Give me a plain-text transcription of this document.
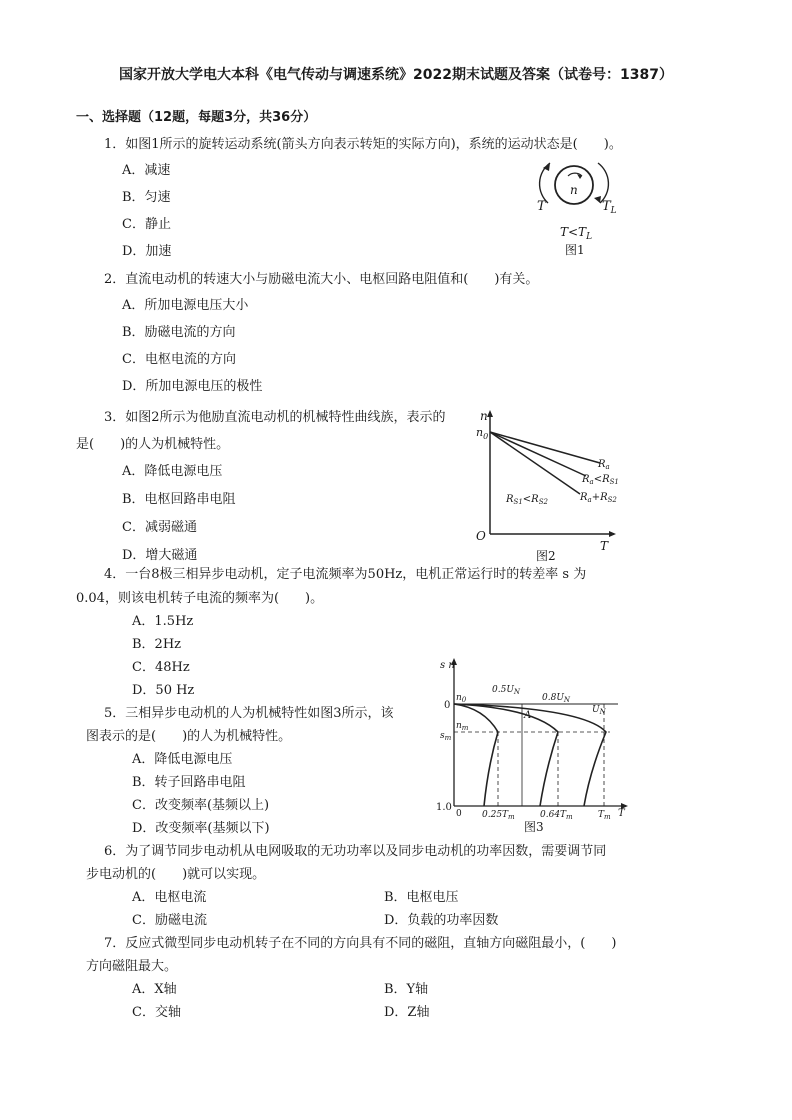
国家开放大学电大本科《电气传动与调速系统》2022期末试题及答案（试卷号：1387）
一、选择题（12题，每题3分，共36分）
1．如图1所示的旋转运动系统(箭头方向表示转矩的实际方向)，系统的运动状态是(　　)。
A．减速
B．匀速
C．静止
D．加速
n
T	$T_L$
$T<T_L$
图1
2．直流电动机的转速大小与励磁电流大小、电枢回路电阻值和(　　)有关。
A．所加电源电压大小
B．励磁电流的方向
C．电枢电流的方向
D．所加电源电压的极性
3．如图2所示为他励直流电动机的机械特性曲线族，表示的
是(　　)的人为机械特性。
A．降低电源电压
B．电枢回路串电阻
C．减弱磁通
D．增大磁通
n
$n_0$
O
T
$R_a$
$R_a<R_{S1}$
$R_a+R_{S2}$
$R_{S1}<R_{S2}$
图2
4．一台8极三相异步电动机，定子电流频率为50Hz，电机正常运行时的转差率 s 为
0.04，则该电机转子电流的频率为(　　)。
A．1.5Hz
B．2Hz
C．48Hz
D．50 Hz
5．三相异步电动机的人为机械特性如图3所示，该
图表示的是(　　)的人为机械特性。
A．降低电源电压
B．转子回路串电阻
C．改变频率(基频以上)
D．改变频率(基频以下)
s n
$n_0$
0
$n_m$
$s_m$
1.0
0	T
$0.5U_N$
$0.8U_N$
$U_N$
A
$0.25T_m$	$0.64T_m$	$T_m$
图3
6．为了调节同步电动机从电网吸取的无功功率以及同步电动机的功率因数，需要调节同
步电动机的(　　)就可以实现。
A．电枢电流	B．电枢电压
C．励磁电流	D．负载的功率因数
7．反应式微型同步电动机转子在不同的方向具有不同的磁阻，直轴方向磁阻最小，(　　)
方向磁阻最大。
A．X轴	B．Y轴
C．交轴	D．Z轴
